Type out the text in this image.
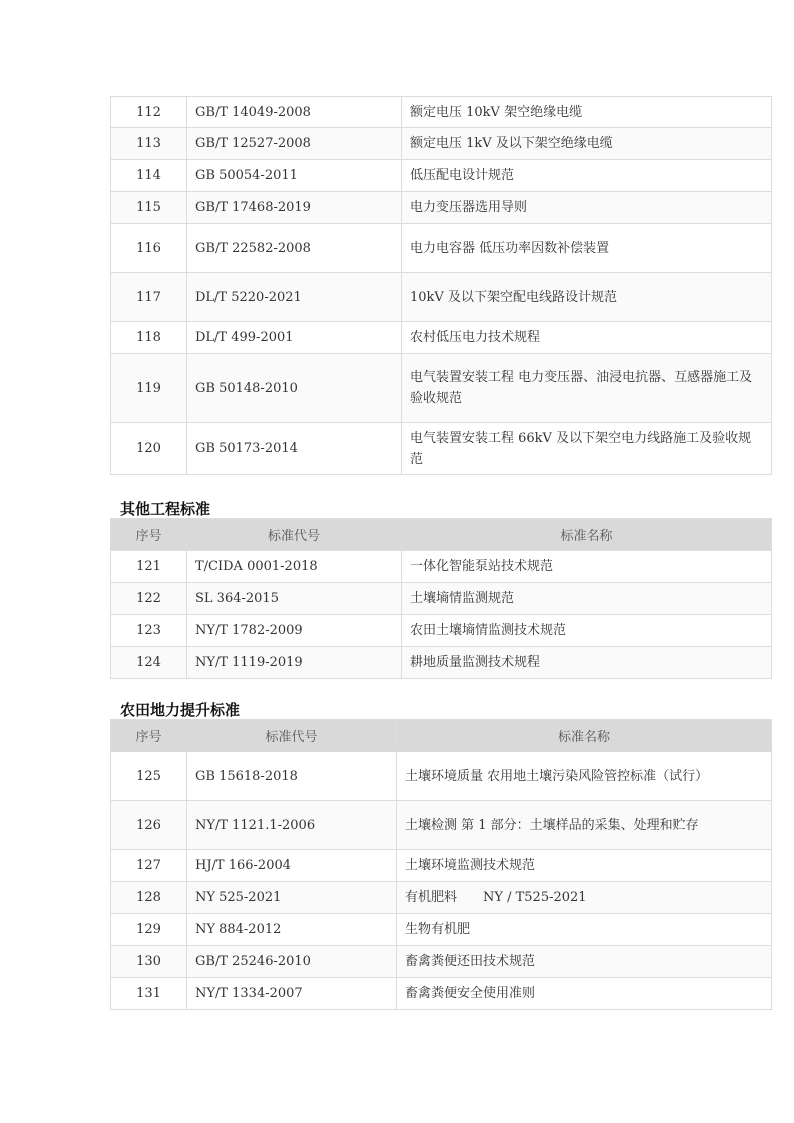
112	GB/T 14049-2008	额定电压 10kV 架空绝缘电缆
113	GB/T 12527-2008	额定电压 1kV 及以下架空绝缘电缆
114	GB 50054-2011	低压配电设计规范
115	GB/T 17468-2019	电力变压器选用导则
116	GB/T 22582-2008	电力电容器 低压功率因数补偿装置
117	DL/T 5220-2021	10kV 及以下架空配电线路设计规范
118	DL/T 499-2001	农村低压电力技术规程
119	GB 50148-2010	电气装置安装工程 电力变压器、油浸电抗器、互感器施工及验收规范
120	GB 50173-2014	电气装置安装工程 66kV 及以下架空电力线路施工及验收规范
其他工程标准
序号	标准代号	标准名称
121	T/CIDA 0001-2018	一体化智能泵站技术规范
122	SL 364-2015	土壤墒情监测规范
123	NY/T 1782-2009	农田土壤墒情监测技术规范
124	NY/T 1119-2019	耕地质量监测技术规程
农田地力提升标准
序号	标准代号	标准名称
125	GB 15618-2018	土壤环境质量 农用地土壤污染风险管控标准（试行）
126	NY/T 1121.1-2006	土壤检测 第 1 部分：土壤样品的采集、处理和贮存
127	HJ/T 166-2004	土壤环境监测技术规范
128	NY 525-2021	有机肥料　　NY / T525-2021
129	NY 884-2012	生物有机肥
130	GB/T 25246-2010	畜禽粪便还田技术规范
131	NY/T 1334-2007	畜禽粪便安全使用准则
